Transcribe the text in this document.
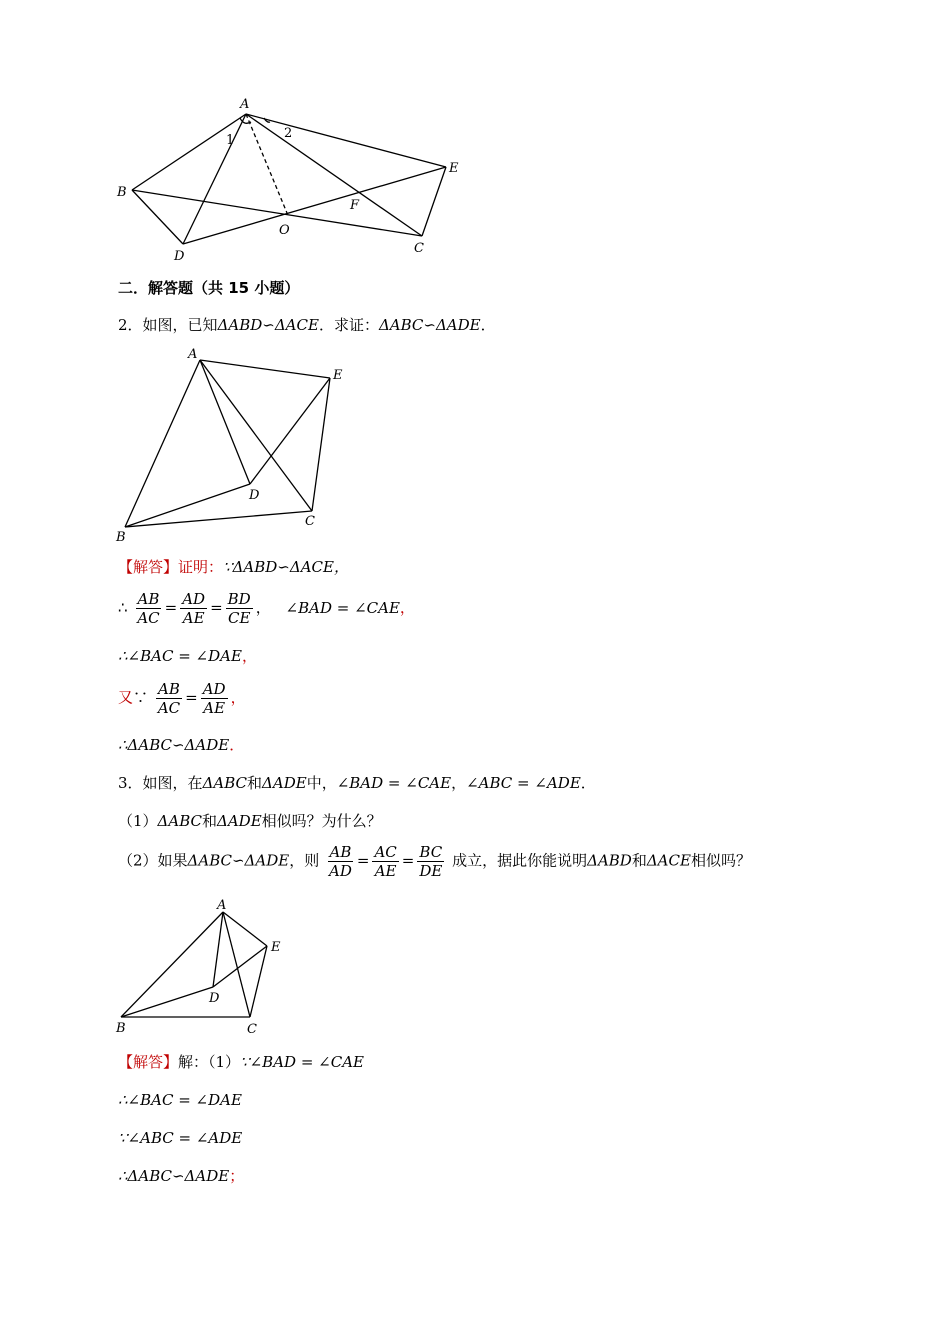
A
B
C
D
E
F
O
1	2
二．解答题（共 15 小题）
2．如图，已知ΔABD∽ΔACE．求证：ΔABC∽ΔADE．
A
B
C
D
E
【解答】证明：∵ΔABD∽ΔACE，
∴ $\frac{AB}{AC} = \frac{AD}{AE} = \frac{BD}{CE}$ ， ∠BAD = ∠CAE，
∴∠BAC = ∠DAE，
又∵ $\frac{AB}{AC} = \frac{AD}{AE}$ ，
∴ΔABC∽ΔADE．
3．如图，在ΔABC和ΔADE中，∠BAD = ∠CAE，∠ABC = ∠ADE．
（1）ΔABC和ΔADE相似吗？为什么？
（2）如果ΔABC∽ΔADE，则 $\frac{AB}{AD} = \frac{AC}{AE} = \frac{BC}{DE}$ 成立，据此你能说明ΔABD和ΔACE相似吗？
A
B	C
D
E
【解答】解：（1）∵∠BAD = ∠CAE
∴∠BAC = ∠DAE
∵∠ABC = ∠ADE
∴ΔABC∽ΔADE；
